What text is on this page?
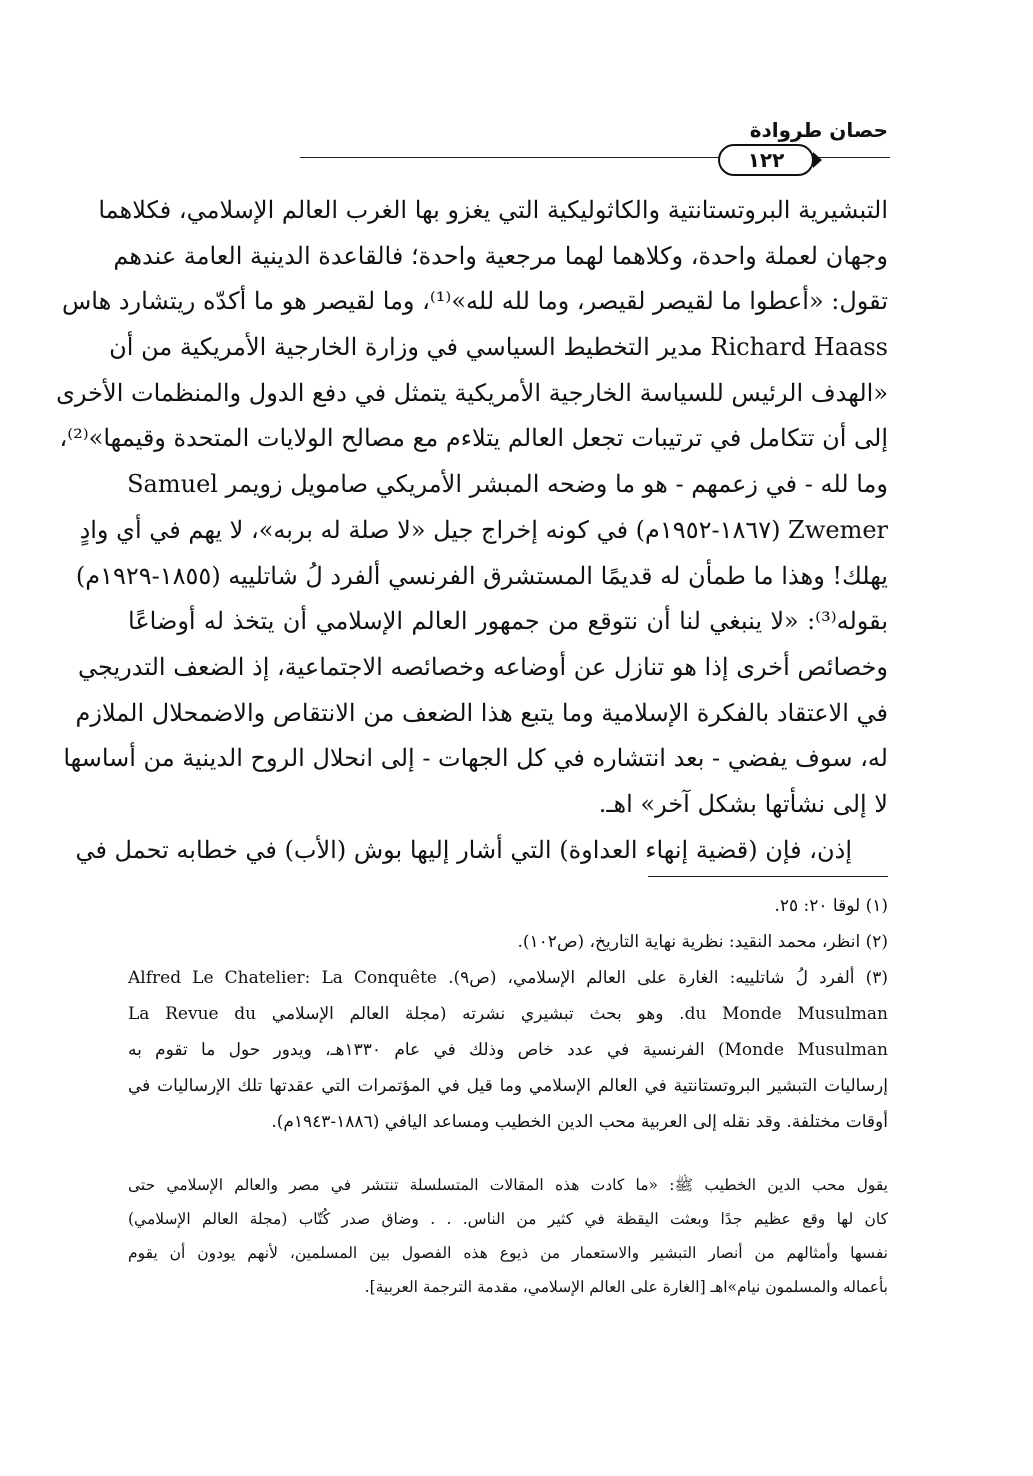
حصان طروادة
١٢٢
التبشيرية البروتستانتية والكاثوليكية التي يغزو بها الغرب العالم الإسلامي، فكلاهما
وجهان لعملة واحدة، وكلاهما لهما مرجعية واحدة؛ فالقاعدة الدينية العامة عندهم
تقول: «أعطوا ما لقيصر لقيصر، وما لله لله»⁽¹⁾، وما لقيصر هو ما أكدّه ريتشارد هاس
Richard Haass مدير التخطيط السياسي في وزارة الخارجية الأمريكية من أن
«الهدف الرئيس للسياسة الخارجية الأمريكية يتمثل في دفع الدول والمنظمات الأخرى
إلى أن تتكامل في ترتيبات تجعل العالم يتلاءم مع مصالح الولايات المتحدة وقيمها»⁽²⁾،
وما لله - في زعمهم - هو ما وضحه المبشر الأمريكي صامويل زويمر Samuel
Zwemer (١٨٦٧-١٩٥٢م) في كونه إخراج جيل «لا صلة له بربه»، لا يهم في أي وادٍ
يهلك! وهذا ما طمأن له قديمًا المستشرق الفرنسي ألفرد لُ شاتلييه (١٨٥٥-١٩٢٩م)
بقوله⁽³⁾: «لا ينبغي لنا أن نتوقع من جمهور العالم الإسلامي أن يتخذ له أوضاعًا
وخصائص أخرى إذا هو تنازل عن أوضاعه وخصائصه الاجتماعية، إذ الضعف التدريجي
في الاعتقاد بالفكرة الإسلامية وما يتبع هذا الضعف من الانتقاص والاضمحلال الملازم
له، سوف يفضي - بعد انتشاره في كل الجهات - إلى انحلال الروح الدينية من أساسها
لا إلى نشأتها بشكل آخر» اهـ.
إذن، فإن (قضية إنهاء العداوة) التي أشار إليها بوش (الأب) في خطابه تحمل في
(١) لوقا ٢٠: ٢٥.
(٢) انظر، محمد النقيد: نظرية نهاية التاريخ، (ص١٠٢).
(٣) ألفرد لُ شاتلييه: الغارة على العالم الإسلامي، (ص٩). Alfred Le Chatelier: La Conquête
du Monde Musulman. وهو بحث تبشيري نشرته (مجلة العالم الإسلامي La Revue du
Monde Musulman) الفرنسية في عدد خاص وذلك في عام ١٣٣٠هـ، ويدور حول ما تقوم به
إرساليات التبشير البروتستانتية في العالم الإسلامي وما قيل في المؤتمرات التي عقدتها تلك الإرساليات في
أوقات مختلفة. وقد نقله إلى العربية محب الدين الخطيب ومساعد اليافي (١٨٨٦-١٩٤٣م).
يقول محب الدين الخطيب ﷺ: «ما كادت هذه المقالات المتسلسلة تنتشر في مصر والعالم الإسلامي حتى
كان لها وقع عظيم جدًا وبعثت اليقظة في كثير من الناس. . . وضاق صدر كُتّاب (مجلة العالم الإسلامي)
نفسها وأمثالهم من أنصار التبشير والاستعمار من ذيوع هذه الفصول بين المسلمين، لأنهم يودون أن يقوم
بأعماله والمسلمون نيام»اهـ [الغارة على العالم الإسلامي، مقدمة الترجمة العربية].
